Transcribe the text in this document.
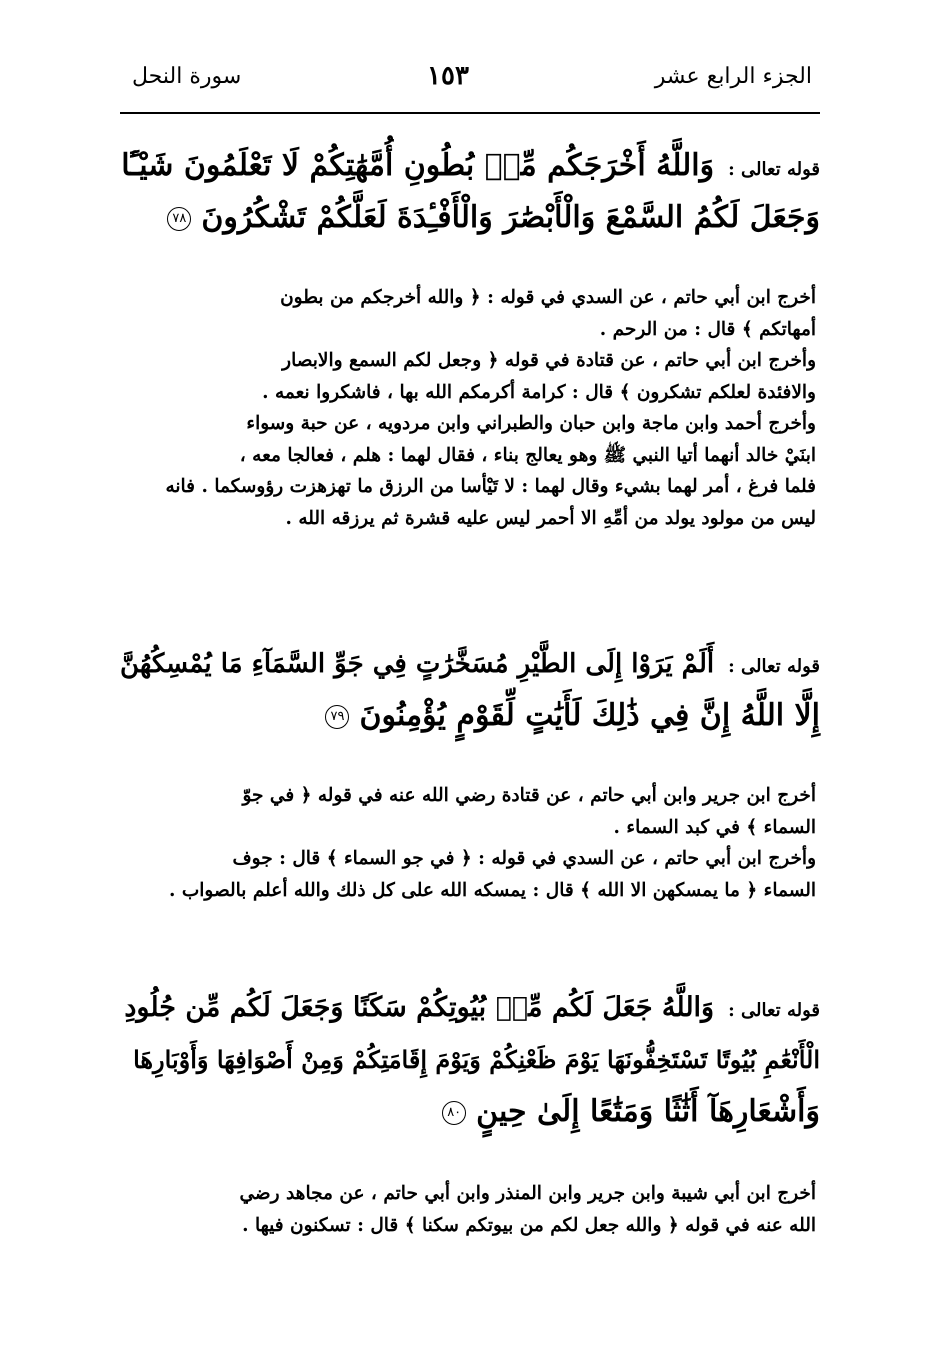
الجزء الرابع عشر
١٥٣
سورة النحل
قوله تعالى :وَاللَّهُ أَخْرَجَكُم مِّنۢ بُطُونِ أُمَّهَٰتِكُمْ لَا تَعْلَمُونَ شَيْـًٔا
وَجَعَلَ لَكُمُ السَّمْعَ وَالْأَبْصَٰرَ وَالْأَفْـِٔدَةَ لَعَلَّكُمْ تَشْكُرُونَ٧٨
أخرج ابن أبي حاتم ، عن السدي في قوله : ﴿ والله أخرجكم من بطون
أمهاتكم ﴾ قال : من الرحم .
وأخرج ابن أبي حاتم ، عن قتادة في قوله ﴿ وجعل لكم السمع والابصار
والافئدة لعلكم تشكرون ﴾ قال : كرامة أكرمكم الله بها ، فاشكروا نعمه .
وأخرج أحمد وابن ماجة وابن حبان والطبراني وابن مردويه ، عن حبة وسواء
ابنَيْ خالد أنهما أتيا النبي ﷺ وهو يعالج بناء ، فقال لهما : هلم ، فعالجا معه ،
فلما فرغ ، أمر لهما بشيء وقال لهما : لا تَيْأسا من الرزق ما تهزهزت رؤوسكما . فانه
ليس من مولود يولد من أمِّهِ الا أحمر ليس عليه قشرة ثم يرزقه الله .
قوله تعالى :أَلَمْ يَرَوْا إِلَى الطَّيْرِ مُسَخَّرَٰتٍ فِي جَوِّ السَّمَآءِ مَا يُمْسِكُهُنَّ
إِلَّا اللَّهُ إِنَّ فِي ذَٰلِكَ لَأَيَٰتٍ لِّقَوْمٍ يُؤْمِنُونَ٧٩
أخرج ابن جرير وابن أبي حاتم ، عن قتادة رضي الله عنه في قوله ﴿ في جوّ
السماء ﴾ في كبد السماء .
وأخرج ابن أبي حاتم ، عن السدي في قوله : ﴿ في جو السماء ﴾ قال : جوف
السماء ﴿ ما يمسكهن الا الله ﴾ قال : يمسكه الله على كل ذلك والله أعلم بالصواب .
قوله تعالى :وَاللَّهُ جَعَلَ لَكُم مِّنۢ بُيُوتِكُمْ سَكَنًا وَجَعَلَ لَكُم مِّن جُلُودِ
الْأَنْعَٰمِ بُيُوتًا تَسْتَخِفُّونَهَا يَوْمَ ظَعْنِكُمْ وَيَوْمَ إِقَامَتِكُمْ وَمِنْ أَصْوَافِهَا وَأَوْبَارِهَا
وَأَشْعَارِهَآ أَثَٰثًا وَمَتَٰعًا إِلَىٰ حِينٍ٨٠
أخرج ابن أبي شيبة وابن جرير وابن المنذر وابن أبي حاتم ، عن مجاهد رضي
الله عنه في قوله ﴿ والله جعل لكم من بيوتكم سكنا ﴾ قال : تسكنون فيها .
